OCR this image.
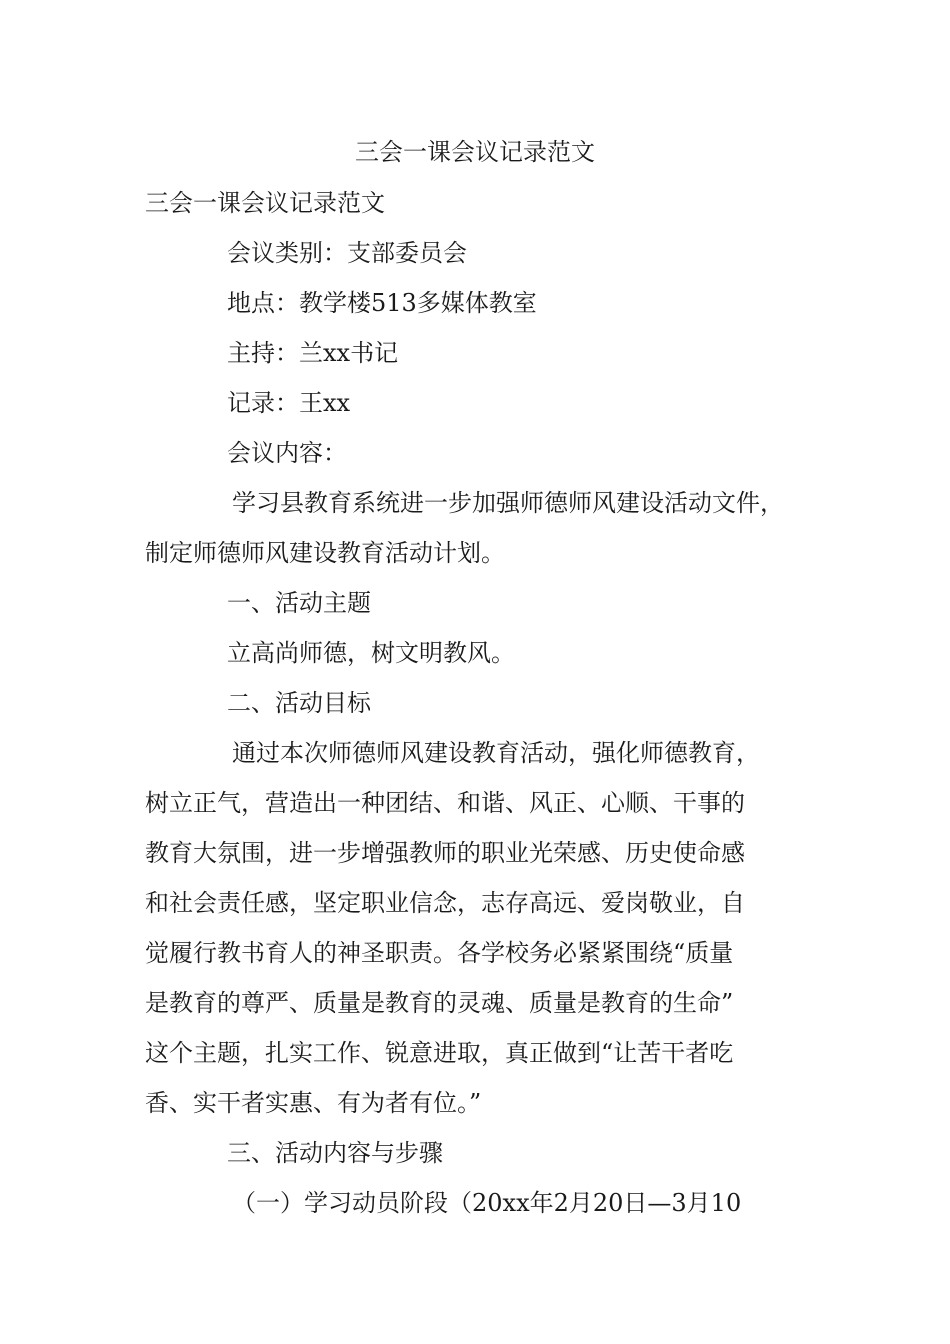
三会一课会议记录范文

三会一课会议记录范文

会议类别：支部委员会

地点：教学楼513多媒体教室

主持：兰xx书记

记录：王xx

会议内容：

学习县教育系统进一步加强师德师风建设活动文件，

制定师德师风建设教育活动计划。

一、活动主题

立高尚师德，树文明教风。

二、活动目标

通过本次师德师风建设教育活动，强化师德教育，

树立正气，营造出一种团结、和谐、风正、心顺、干事的

教育大氛围，进一步增强教师的职业光荣感、历史使命感

和社会责任感，坚定职业信念，志存高远、爱岗敬业，自

觉履行教书育人的神圣职责。各学校务必紧紧围绕“质量

是教育的尊严、质量是教育的灵魂、质量是教育的生命”

这个主题，扎实工作、锐意进取，真正做到“让苦干者吃

香、实干者实惠、有为者有位。”

三、活动内容与步骤

（一）学习动员阶段（20xx年2月20日—3月10
